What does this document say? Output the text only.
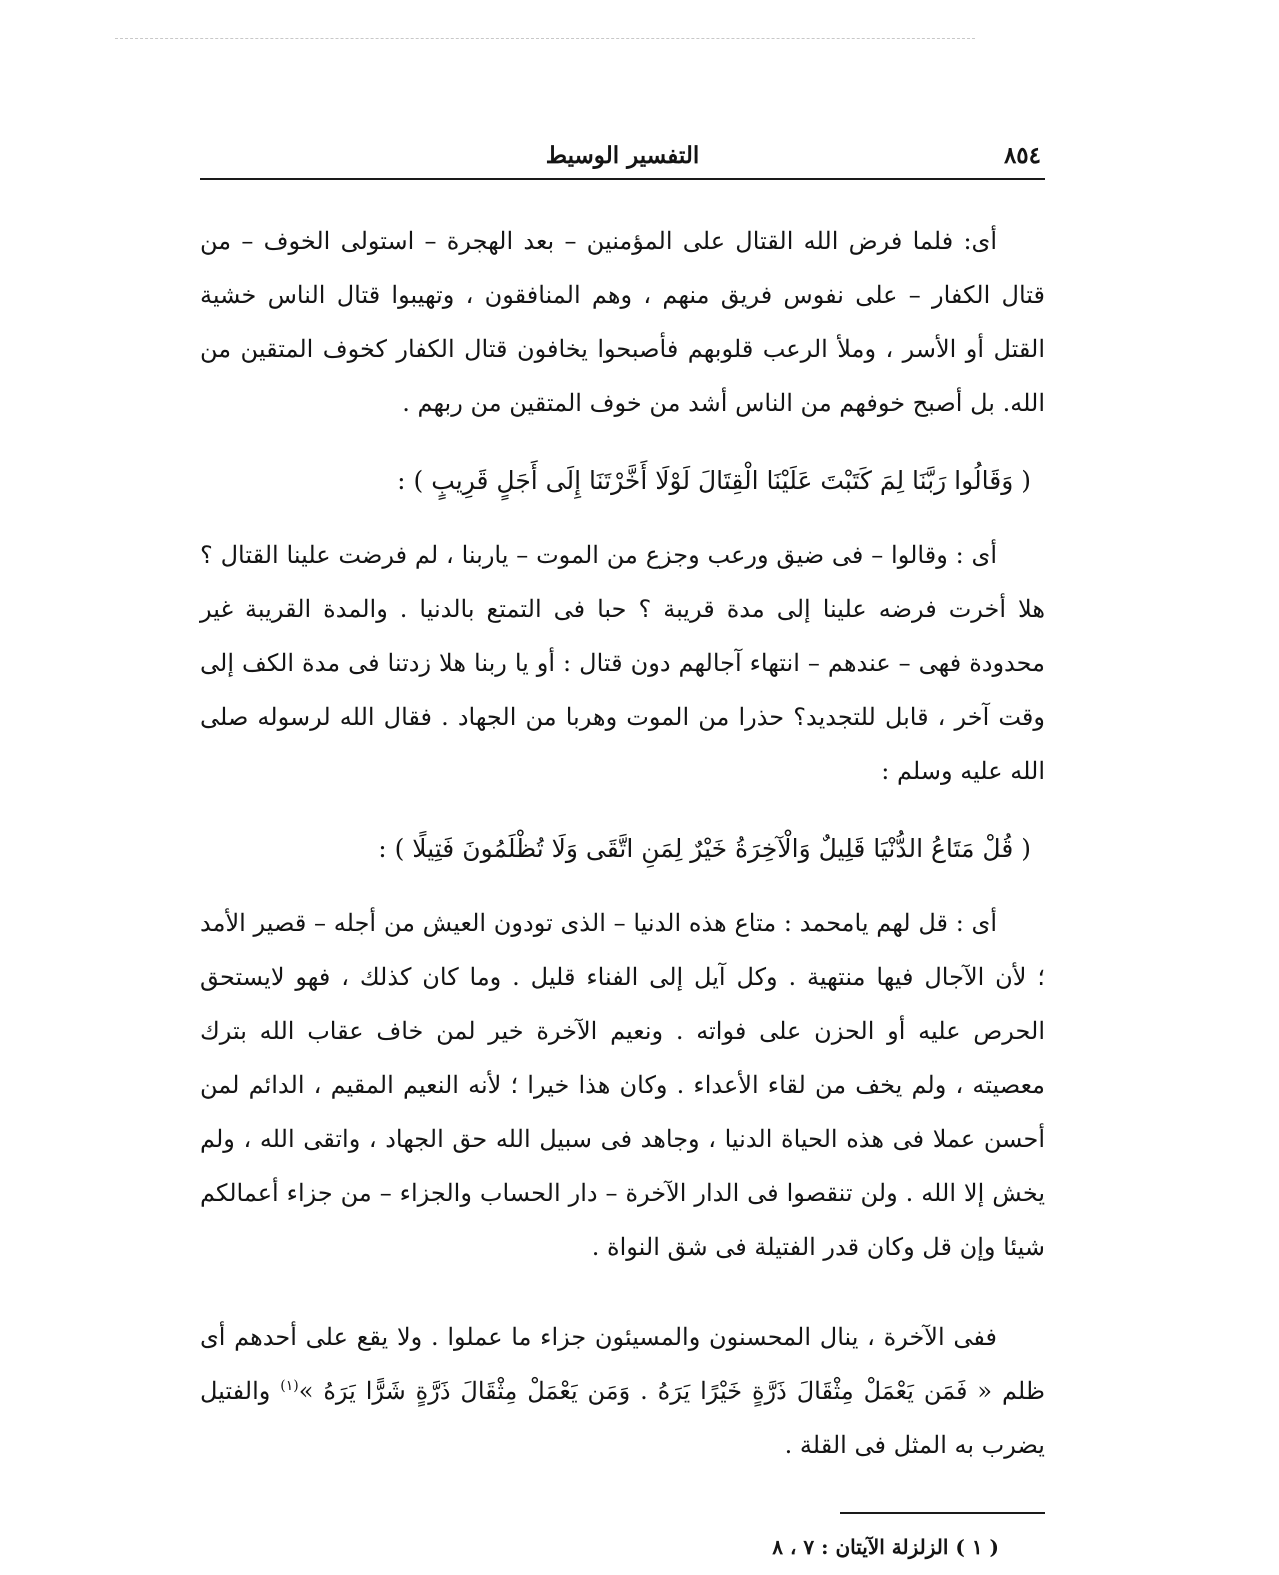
التفسير الوسيط	٨٥٤

أى: فلما فرض الله القتال على المؤمنين – بعد الهجرة – استولى الخوف – من قتال الكفار – على نفوس فريق منهم ، وهم المنافقون ، وتهيبوا قتال الناس خشية القتل أو الأسر ، وملأ الرعب قلوبهم فأصبحوا يخافون قتال الكفار كخوف المتقين من الله. بل أصبح خوفهم من الناس أشد من خوف المتقين من ربهم .

( وَقَالُوا رَبَّنَا لِمَ كَتَبْتَ عَلَيْنَا الْقِتَالَ لَوْلَا أَخَّرْتَنَا إِلَى أَجَلٍ قَرِيبٍ ) :

أى : وقالوا – فى ضيق ورعب وجزع من الموت – ياربنا ، لم فرضت علينا القتال ؟ هلا أخرت فرضه علينا إلى مدة قريبة ؟ حبا فى التمتع بالدنيا . والمدة القريبة غير محدودة فهى – عندهم – انتهاء آجالهم دون قتال : أو يا ربنا هلا زدتنا فى مدة الكف إلى وقت آخر ، قابل للتجديد؟ حذرا من الموت وهربا من الجهاد . فقال الله لرسوله صلى الله عليه وسلم :

( قُلْ مَتَاعُ الدُّنْيَا قَلِيلٌ وَالْآخِرَةُ خَيْرٌ لِمَنِ اتَّقَى وَلَا تُظْلَمُونَ فَتِيلًا ) :

أى : قل لهم يامحمد : متاع هذه الدنيا – الذى تودون العيش من أجله – قصير الأمد ؛ لأن الآجال فيها منتهية . وكل آيل إلى الفناء قليل . وما كان كذلك ، فهو لايستحق الحرص عليه أو الحزن على فواته . ونعيم الآخرة خير لمن خاف عقاب الله بترك معصيته ، ولم يخف من لقاء الأعداء . وكان هذا خيرا ؛ لأنه النعيم المقيم ، الدائم لمن أحسن عملا فى هذه الحياة الدنيا ، وجاهد فى سبيل الله حق الجهاد ، واتقى الله ، ولم يخش إلا الله . ولن تنقصوا فى الدار الآخرة – دار الحساب والجزاء – من جزاء أعمالكم شيئا وإن قل وكان قدر الفتيلة فى شق النواة .

ففى الآخرة ، ينال المحسنون والمسيئون جزاء ما عملوا . ولا يقع على أحدهم أى ظلم « فَمَن يَعْمَلْ مِثْقَالَ ذَرَّةٍ خَيْرًا يَرَهُ . وَمَن يَعْمَلْ مِثْقَالَ ذَرَّةٍ شَرًّا يَرَهُ »$^{(١)}$ والفتيل يضرب به المثل فى القلة .

( ١ ) الزلزلة الآيتان : ٧ ، ٨
